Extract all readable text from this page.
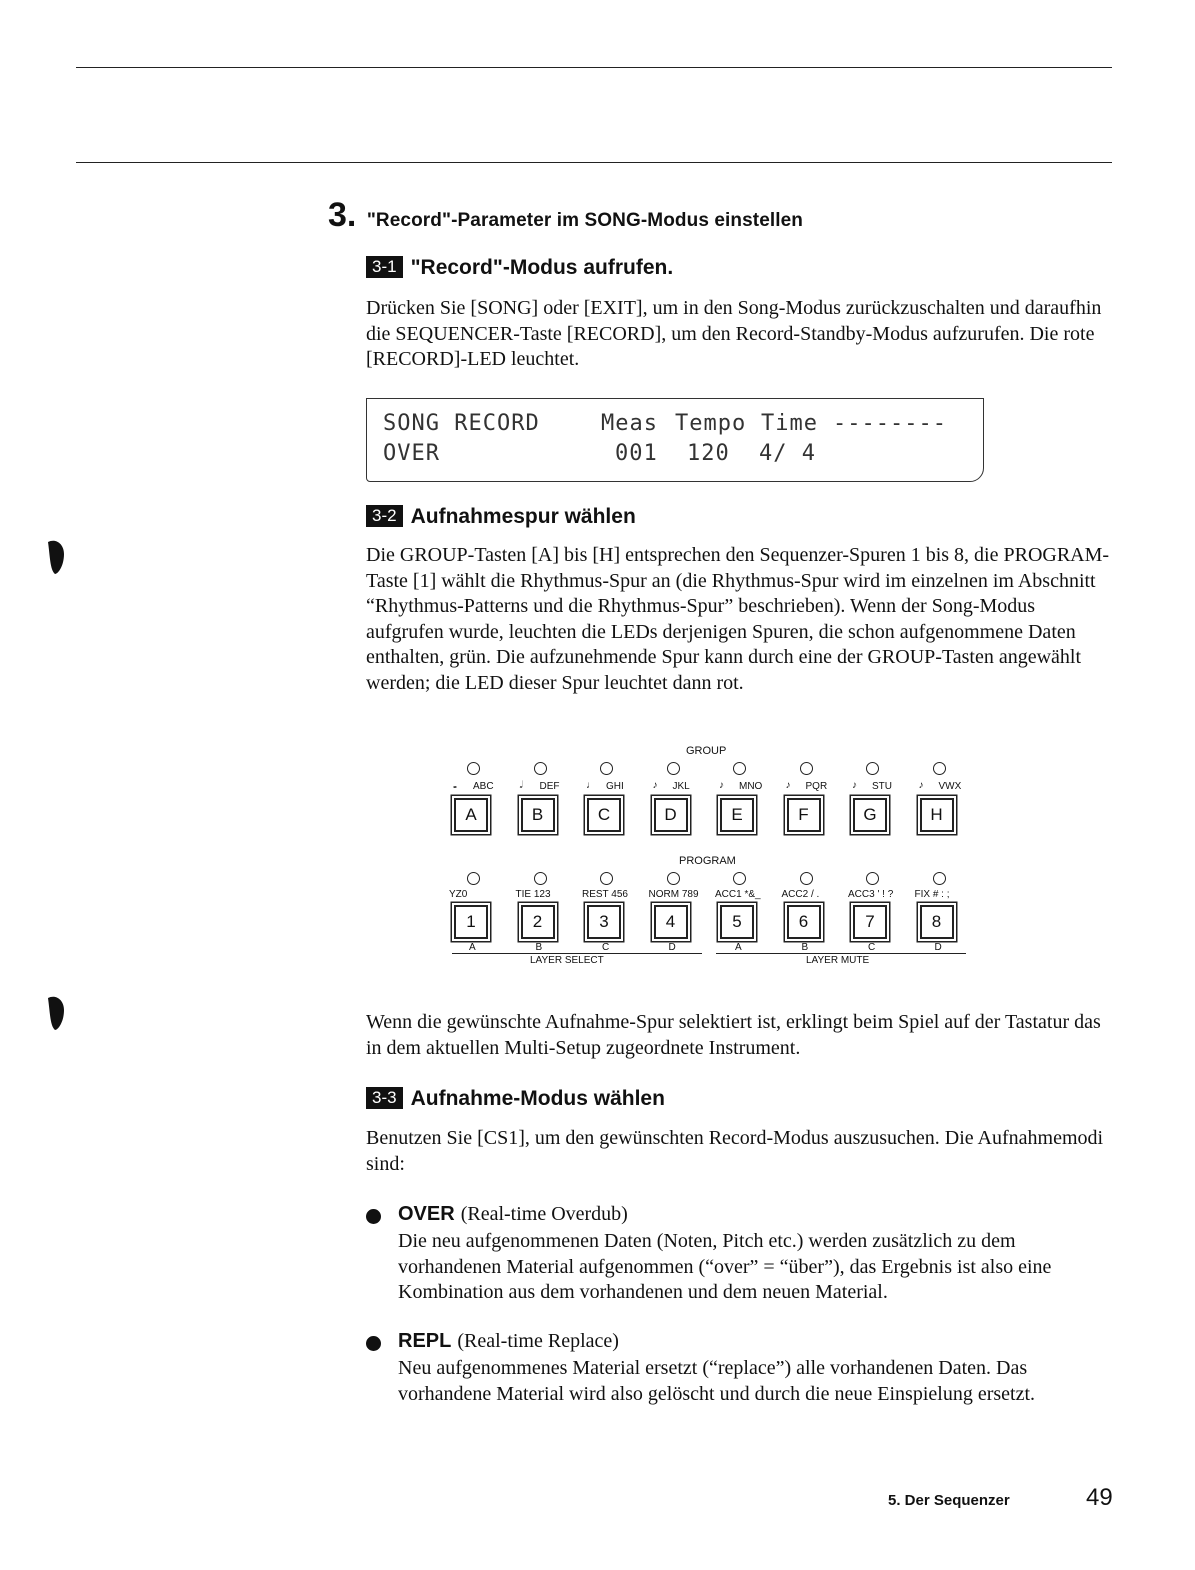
3. "Record"-Parameter im SONG-Modus einstellen
3-1 "Record"-Modus aufrufen.

Drücken Sie [SONG] oder [EXIT], um in den Song-Modus zurückzuschalten und daraufhin die SEQUENCER-Taste [RECORD], um den Record-Standby-Modus aufzurufen. Die rote [RECORD]-LED leuchtet.

SONG RECORD	Meas Tempo Time --------
OVER	001 120 4/ 4
3-2 Aufnahmespur wählen

Die GROUP-Tasten [A] bis [H] entsprechen den Sequenzer-Spuren 1 bis 8, die PROGRAM-Taste [1] wählt die Rhythmus-Spur an (die Rhythmus-Spur wird im einzelnen im Abschnitt “Rhythmus-Patterns und die Rhythmus-Spur” beschrieben). Wenn der Song-Modus aufgrufen wurde, leuchten die LEDs derjenigen Spuren, die schon aufgenommene Daten enthalten, grün. Die aufzunehmende Spur kann durch eine der GROUP-Tasten angewählt werden; die LED dieser Spur leuchtet dann rot.

GROUP
PROGRAM
LAYER SELECT	LAYER MUTE
𝅝 ABC
A
YZ0
1
A
𝅗𝅥 DEF
B
TIE 123
2
B
♩ GHI
C
REST 456
3
C
♪ JKL
D
NORM 789
4
D
♪ MNO
E
ACC1 *&_
5
A
♪ PQR
F
ACC2 / .
6
B
♪ STU
G
ACC3 ' ! ?
7
C
♪ VWX
H
FIX # : ;
8
D

Wenn die gewünschte Aufnahme-Spur selektiert ist, erklingt beim Spiel auf der Tastatur das in dem aktuellen Multi-Setup zugeordnete Instrument.

3-3 Aufnahme-Modus wählen

Benutzen Sie [CS1], um den gewünschten Record-Modus auszusuchen. Die Aufnahmemodi sind:

OVER (Real-time Overdub)

Die neu aufgenommenen Daten (Noten, Pitch etc.) werden zusätzlich zu dem vorhandenen Material aufgenommen (“over” = “über”), das Ergebnis ist also eine Kombination aus dem vorhandenen und dem neuen Material.

REPL (Real-time Replace)

Neu aufgenommenes Material ersetzt (“replace”) alle vorhandenen Daten. Das vorhandene Material wird also gelöscht und durch die neue Einspielung ersetzt.

5. Der Sequenzer	49
